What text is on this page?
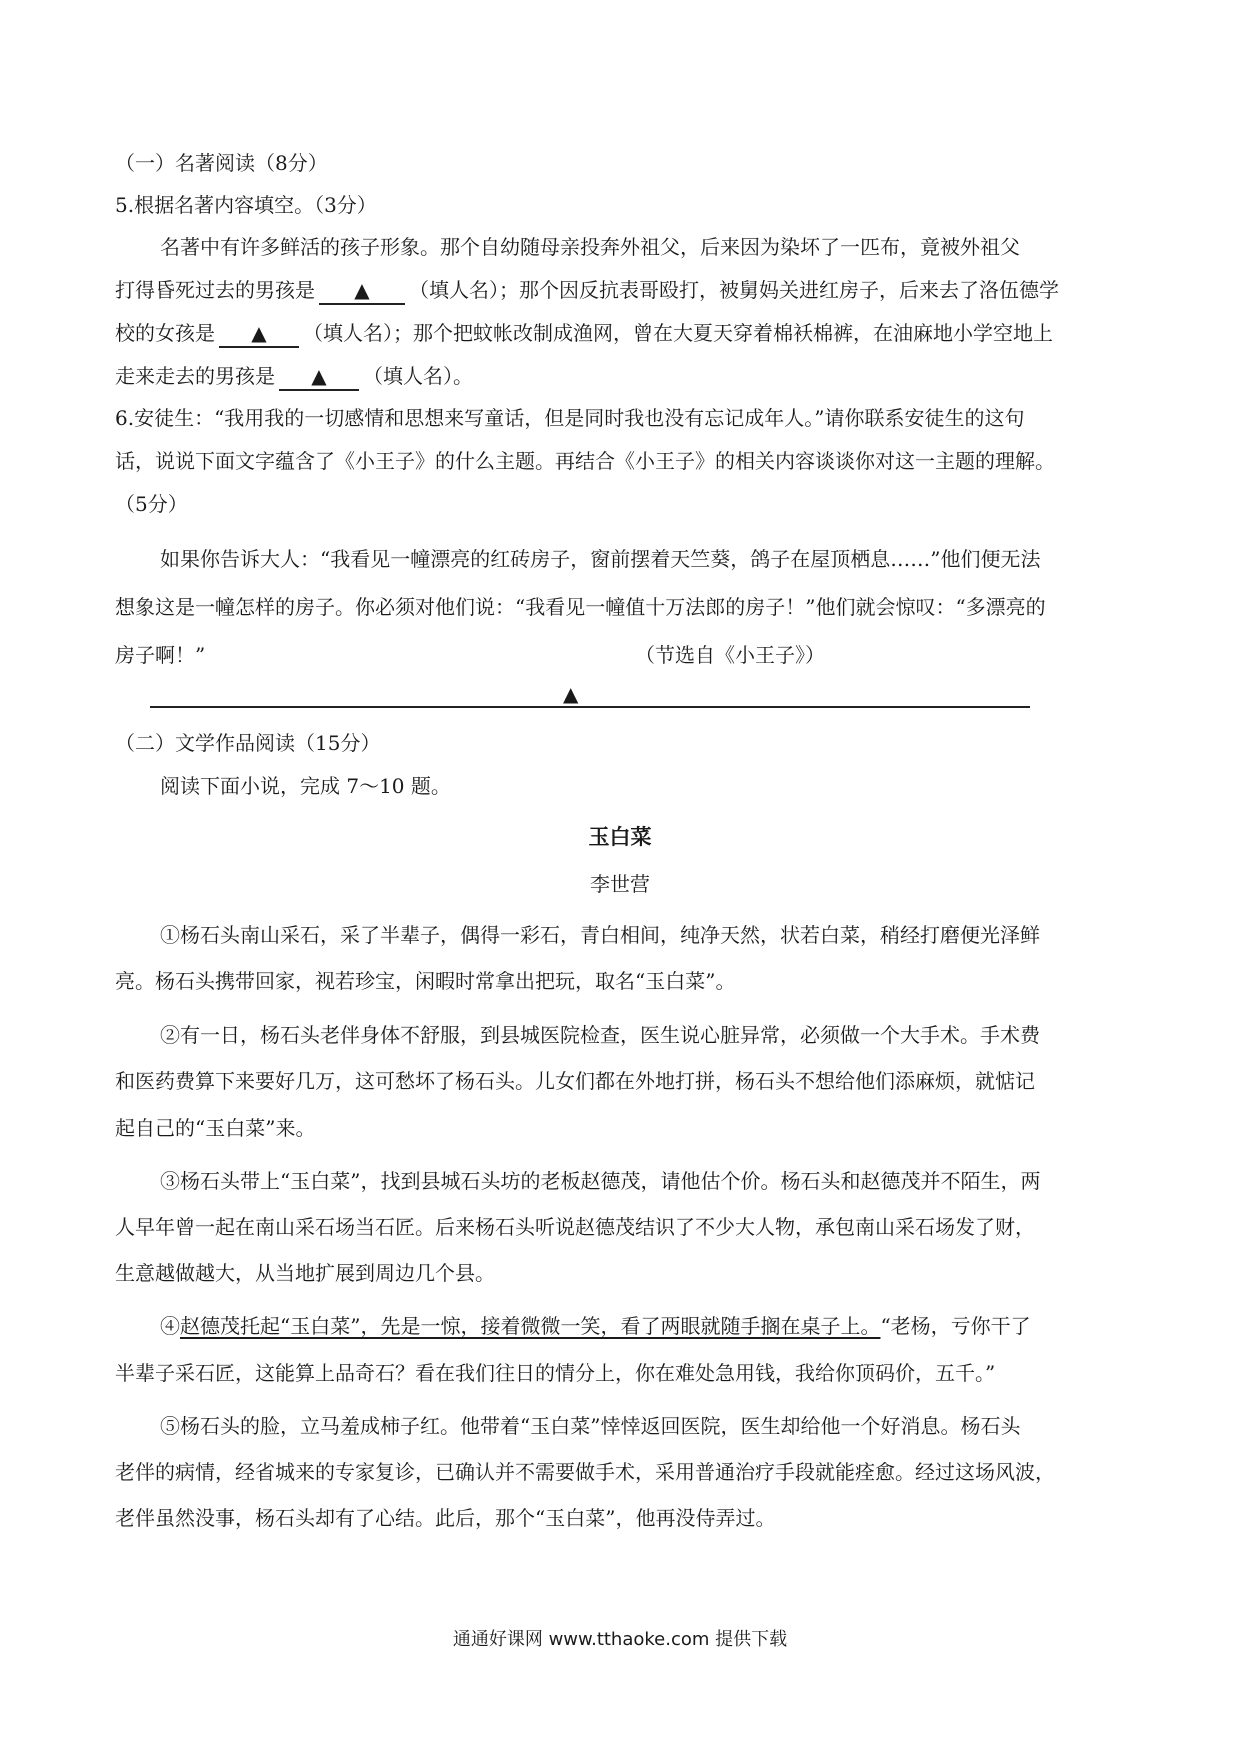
（一）名著阅读（8分）
5.根据名著内容填空。（3分）
名著中有许多鲜活的孩子形象。那个自幼随母亲投奔外祖父，后来因为染坏了一匹布，竟被外祖父
打得昏死过去的男孩是 ▲ （填人名）；那个因反抗表哥殴打，被舅妈关进红房子，后来去了洛伍德学
校的女孩是 ▲ （填人名）；那个把蚊帐改制成渔网，曾在大夏天穿着棉袄棉裤，在油麻地小学空地上
走来走去的男孩是 ▲ （填人名）。
6.安徒生：“我用我的一切感情和思想来写童话，但是同时我也没有忘记成年人。”请你联系安徒生的这句
话，说说下面文字蕴含了《小王子》的什么主题。再结合《小王子》的相关内容谈谈你对这一主题的理解。
（5分）
如果你告诉大人：“我看见一幢漂亮的红砖房子，窗前摆着天竺葵，鸽子在屋顶栖息……”他们便无法
想象这是一幢怎样的房子。你必须对他们说：“我看见一幢值十万法郎的房子！”他们就会惊叹：“多漂亮的
房子啊！”	（节选自《小王子》）
▲
（二）文学作品阅读（15分）
阅读下面小说，完成 7～10 题。
玉白菜
李世营
①杨石头南山采石，采了半辈子，偶得一彩石，青白相间，纯净天然，状若白菜，稍经打磨便光泽鲜
亮。杨石头携带回家，视若珍宝，闲暇时常拿出把玩，取名“玉白菜”。
②有一日，杨石头老伴身体不舒服，到县城医院检查，医生说心脏异常，必须做一个大手术。手术费
和医药费算下来要好几万，这可愁坏了杨石头。儿女们都在外地打拼，杨石头不想给他们添麻烦，就惦记
起自己的“玉白菜”来。
③杨石头带上“玉白菜”，找到县城石头坊的老板赵德茂，请他估个价。杨石头和赵德茂并不陌生，两
人早年曾一起在南山采石场当石匠。后来杨石头听说赵德茂结识了不少大人物，承包南山采石场发了财，
生意越做越大，从当地扩展到周边几个县。
④赵德茂托起“玉白菜”，先是一惊，接着微微一笑，看了两眼就随手搁在桌子上。“老杨，亏你干了
半辈子采石匠，这能算上品奇石？看在我们往日的情分上，你在难处急用钱，我给你顶码价，五千。”
⑤杨石头的脸，立马羞成柿子红。他带着“玉白菜”悻悻返回医院，医生却给他一个好消息。杨石头
老伴的病情，经省城来的专家复诊，已确认并不需要做手术，采用普通治疗手段就能痊愈。经过这场风波，
老伴虽然没事，杨石头却有了心结。此后，那个“玉白菜”，他再没侍弄过。
通通好课网 www.tthaoke.com 提供下载
